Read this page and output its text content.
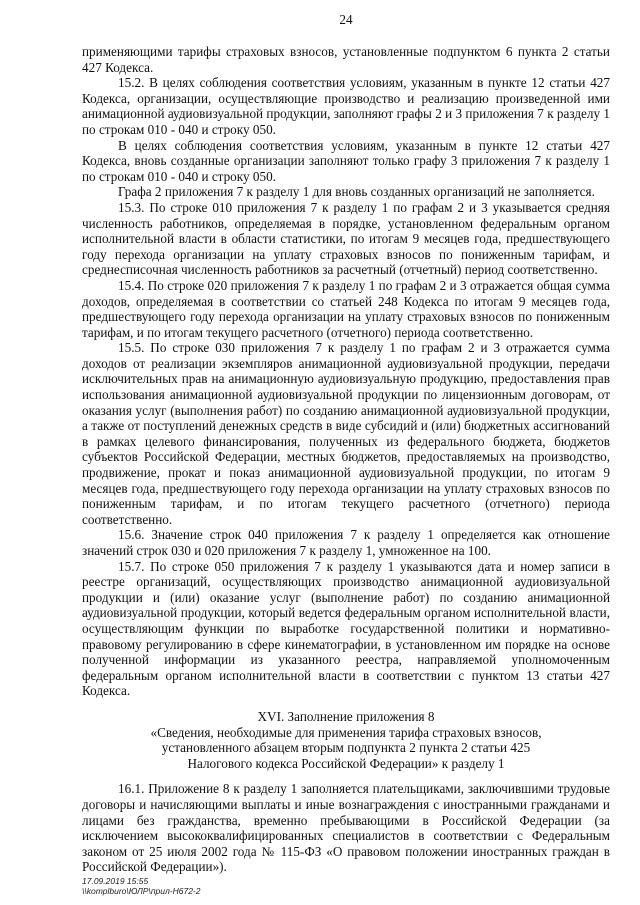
24

применяющими тарифы страховых взносов, установленные подпунктом 6 пункта 2 статьи 427 Кодекса.

15.2. В целях соблюдения соответствия условиям, указанным в пункте 12 статьи 427 Кодекса, организации, осуществляющие производство и реализацию произведенной ими анимационной аудиовизуальной продукции, заполняют графы 2 и 3 приложения 7 к разделу 1 по строкам 010 - 040 и строку 050.

В целях соблюдения соответствия условиям, указанным в пункте 12 статьи 427 Кодекса, вновь созданные организации заполняют только графу 3 приложения 7 к разделу 1 по строкам 010 - 040 и строку 050.

Графа 2 приложения 7 к разделу 1 для вновь созданных организаций не заполняется.

15.3. По строке 010 приложения 7 к разделу 1 по графам 2 и 3 указывается средняя численность работников, определяемая в порядке, установленном федеральным органом исполнительной власти в области статистики, по итогам 9 месяцев года, предшествующего году перехода организации на уплату страховых взносов по пониженным тарифам, и среднесписочная численность работников за расчетный (отчетный) период соответственно.

15.4. По строке 020 приложения 7 к разделу 1 по графам 2 и 3 отражается общая сумма доходов, определяемая в соответствии со статьей 248 Кодекса по итогам 9 месяцев года, предшествующего году перехода организации на уплату страховых взносов по пониженным тарифам, и по итогам текущего расчетного (отчетного) периода соответственно.

15.5. По строке 030 приложения 7 к разделу 1 по графам 2 и 3 отражается сумма доходов от реализации экземпляров анимационной аудиовизуальной продукции, передачи исключительных прав на анимационную аудиовизуальную продукцию, предоставления прав использования анимационной аудиовизуальной продукции по лицензионным договорам, от оказания услуг (выполнения работ) по созданию анимационной аудиовизуальной продукции, а также от поступлений денежных средств в виде субсидий и (или) бюджетных ассигнований в рамках целевого финансирования, полученных из федерального бюджета, бюджетов субъектов Российской Федерации, местных бюджетов, предоставляемых на производство, продвижение, прокат и показ анимационной аудиовизуальной продукции, по итогам 9 месяцев года, предшествующего году перехода организации на уплату страховых взносов по пониженным тарифам, и по итогам текущего расчетного (отчетного) периода соответственно.

15.6. Значение строк 040 приложения 7 к разделу 1 определяется как отношение значений строк 030 и 020 приложения 7 к разделу 1, умноженное на 100.

15.7. По строке 050 приложения 7 к разделу 1 указываются дата и номер записи в реестре организаций, осуществляющих производство анимационной аудиовизуальной продукции и (или) оказание услуг (выполнение работ) по созданию анимационной аудиовизуальной продукции, который ведется федеральным органом исполнительной власти, осуществляющим функции по выработке государственной политики и нормативно-правовому регулированию в сфере кинематографии, в установленном им порядке на основе полученной информации из указанного реестра, направляемой уполномоченным федеральным органом исполнительной власти в соответствии с пунктом 13 статьи 427 Кодекса.

XVI. Заполнение приложения 8

«Сведения, необходимые для применения тарифа страховых взносов,

установленного абзацем вторым подпункта 2 пункта 2 статьи 425

Налогового кодекса Российской Федерации» к разделу 1

16.1. Приложение 8 к разделу 1 заполняется плательщиками, заключившими трудовые договоры и начисляющими выплаты и иные вознаграждения с иностранными гражданами и лицами без гражданства, временно пребывающими в Российской Федерации (за исключением высококвалифицированных специалистов в соответствии с Федеральным законом от 25 июля 2002 года № 115-ФЗ «О правовом положении иностранных граждан в Российской Федерации»).

17.09.2019 15:55
\\komplburo\ЮЛР\прил-Н672-2
